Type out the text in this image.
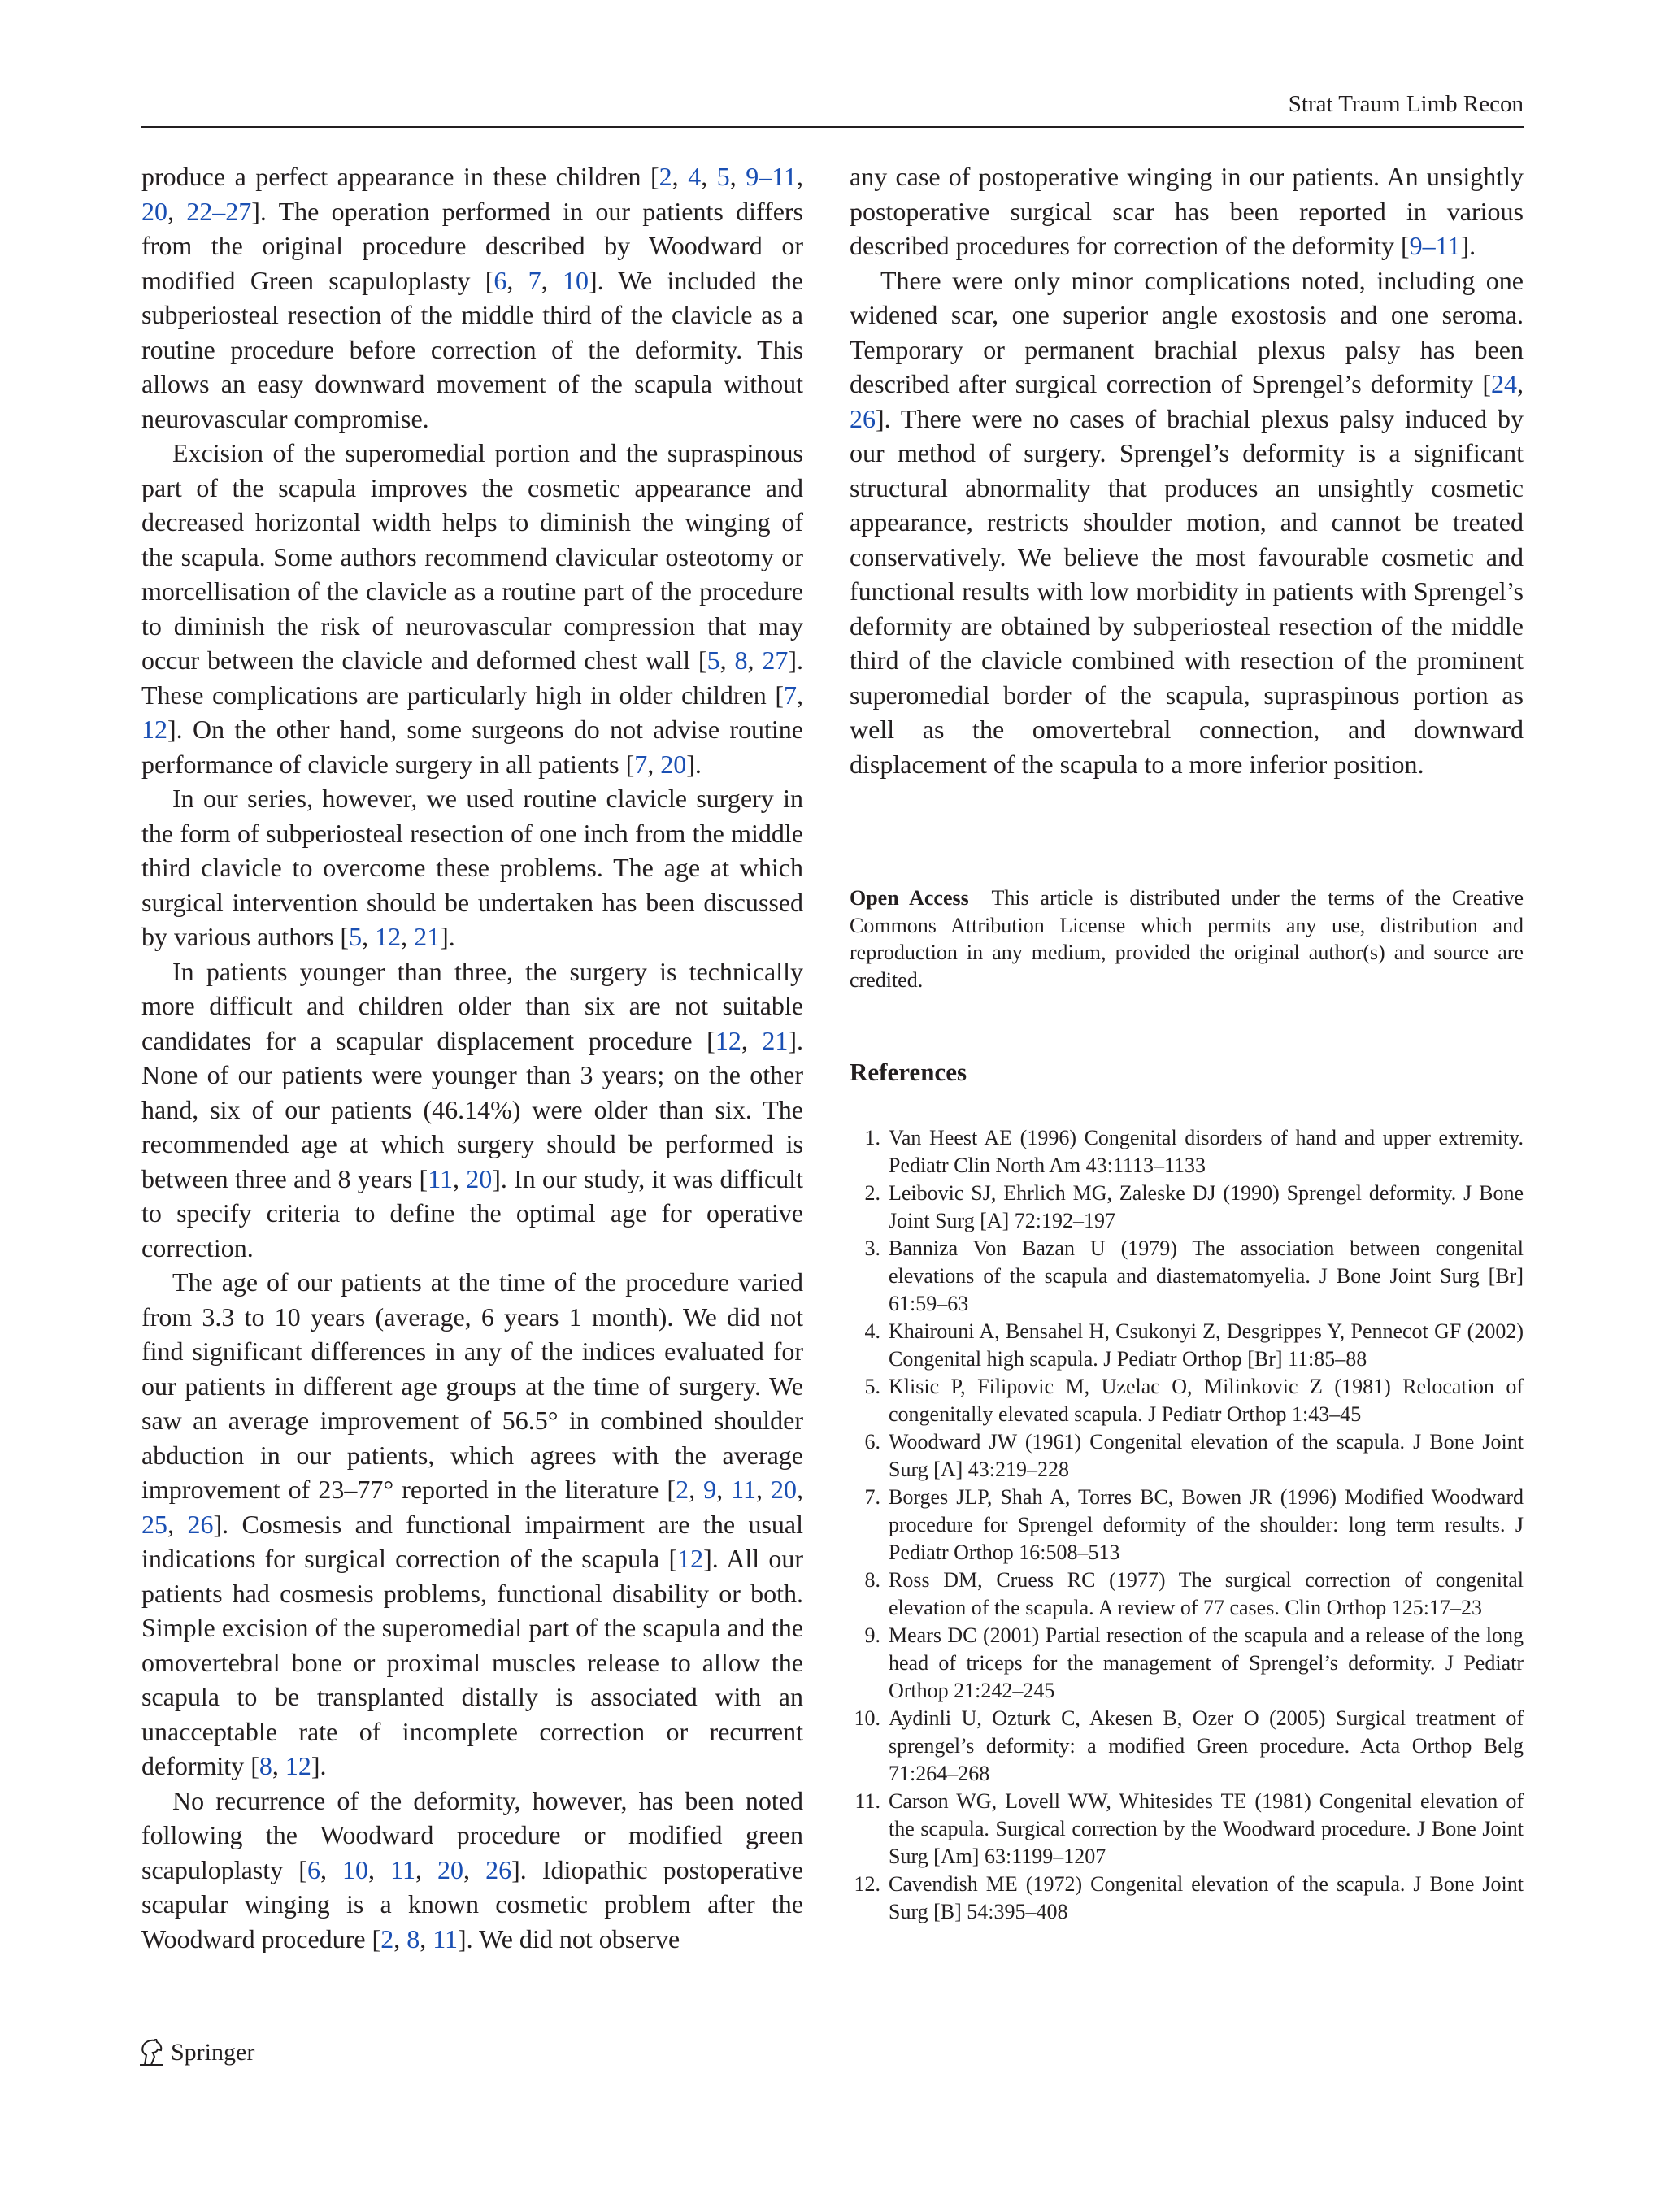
Strat Traum Limb Recon

produce a perfect appearance in these children [2, 4, 5, 9–11, 20, 22–27]. The operation performed in our patients differs from the original procedure described by Woodward or modified Green scapuloplasty [6, 7, 10]. We included the subperiosteal resection of the middle third of the clavicle as a routine procedure before correction of the deformity. This allows an easy downward movement of the scapula without neurovascular compromise.

Excision of the superomedial portion and the supraspinous part of the scapula improves the cosmetic appearance and decreased horizontal width helps to diminish the winging of the scapula. Some authors recommend clavicular osteotomy or morcellisation of the clavicle as a routine part of the procedure to diminish the risk of neurovascular compression that may occur between the clavicle and deformed chest wall [5, 8, 27]. These complications are particularly high in older children [7, 12]. On the other hand, some surgeons do not advise routine performance of clavicle surgery in all patients [7, 20].

In our series, however, we used routine clavicle surgery in the form of subperiosteal resection of one inch from the middle third clavicle to overcome these problems. The age at which surgical intervention should be undertaken has been discussed by various authors [5, 12, 21].

In patients younger than three, the surgery is technically more difficult and children older than six are not suitable candidates for a scapular displacement procedure [12, 21]. None of our patients were younger than 3 years; on the other hand, six of our patients (46.14%) were older than six. The recommended age at which surgery should be performed is between three and 8 years [11, 20]. In our study, it was difficult to specify criteria to define the optimal age for operative correction.

The age of our patients at the time of the procedure varied from 3.3 to 10 years (average, 6 years 1 month). We did not find significant differences in any of the indices evaluated for our patients in different age groups at the time of surgery. We saw an average improvement of 56.5° in combined shoulder abduction in our patients, which agrees with the average improvement of 23–77° reported in the literature [2, 9, 11, 20, 25, 26]. Cosmesis and functional impairment are the usual indications for surgical correction of the scapula [12]. All our patients had cosmesis problems, functional disability or both. Simple excision of the superomedial part of the scapula and the omovertebral bone or proximal muscles release to allow the scapula to be transplanted distally is associated with an unacceptable rate of incomplete correction or recurrent deformity [8, 12].

No recurrence of the deformity, however, has been noted following the Woodward procedure or modified green scapuloplasty [6, 10, 11, 20, 26]. Idiopathic postoperative scapular winging is a known cosmetic problem after the Woodward procedure [2, 8, 11]. We did not observe

any case of postoperative winging in our patients. An unsightly postoperative surgical scar has been reported in various described procedures for correction of the deformity [9–11].

There were only minor complications noted, including one widened scar, one superior angle exostosis and one seroma. Temporary or permanent brachial plexus palsy has been described after surgical correction of Sprengel’s deformity [24, 26]. There were no cases of brachial plexus palsy induced by our method of surgery. Sprengel’s deformity is a significant structural abnormality that produces an unsightly cosmetic appearance, restricts shoulder motion, and cannot be treated conservatively. We believe the most favourable cosmetic and functional results with low morbidity in patients with Sprengel’s deformity are obtained by subperiosteal resection of the middle third of the clavicle combined with resection of the prominent superomedial border of the scapula, supraspinous portion as well as the omovertebral connection, and downward displacement of the scapula to a more inferior position.

Open Access This article is distributed under the terms of the Creative Commons Attribution License which permits any use, distribution and reproduction in any medium, provided the original author(s) and source are credited.
References
1. Van Heest AE (1996) Congenital disorders of hand and upper extremity. Pediatr Clin North Am 43:1113–1133
2. Leibovic SJ, Ehrlich MG, Zaleske DJ (1990) Sprengel deformity. J Bone Joint Surg [A] 72:192–197
3. Banniza Von Bazan U (1979) The association between congenital elevations of the scapula and diastematomyelia. J Bone Joint Surg [Br] 61:59–63
4. Khairouni A, Bensahel H, Csukonyi Z, Desgrippes Y, Pennecot GF (2002) Congenital high scapula. J Pediatr Orthop [Br] 11:85–88
5. Klisic P, Filipovic M, Uzelac O, Milinkovic Z (1981) Relocation of congenitally elevated scapula. J Pediatr Orthop 1:43–45
6. Woodward JW (1961) Congenital elevation of the scapula. J Bone Joint Surg [A] 43:219–228
7. Borges JLP, Shah A, Torres BC, Bowen JR (1996) Modified Woodward procedure for Sprengel deformity of the shoulder: long term results. J Pediatr Orthop 16:508–513
8. Ross DM, Cruess RC (1977) The surgical correction of congenital elevation of the scapula. A review of 77 cases. Clin Orthop 125:17–23
9. Mears DC (2001) Partial resection of the scapula and a release of the long head of triceps for the management of Sprengel’s deformity. J Pediatr Orthop 21:242–245
10. Aydinli U, Ozturk C, Akesen B, Ozer O (2005) Surgical treatment of sprengel’s deformity: a modified Green procedure. Acta Orthop Belg 71:264–268
11. Carson WG, Lovell WW, Whitesides TE (1981) Congenital elevation of the scapula. Surgical correction by the Woodward procedure. J Bone Joint Surg [Am] 63:1199–1207
12. Cavendish ME (1972) Congenital elevation of the scapula. J Bone Joint Surg [B] 54:395–408
Springer
